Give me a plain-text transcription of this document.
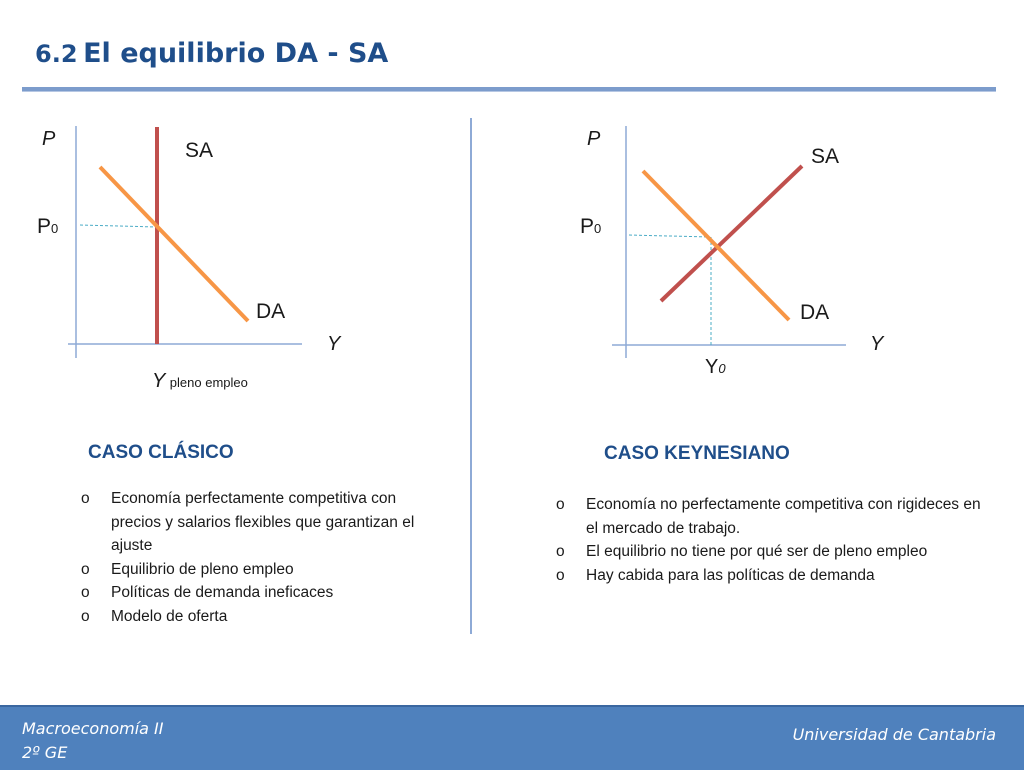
6.2 El equilibrio DA - SA
P	SA
P0
DA
Y
Y pleno empleo
P
SA
P0
DA
Y
Y0
CASO CLÁSICO	CASO KEYNESIANO
o Economía perfectamente competitiva con precios y salarios flexibles que garantizan el ajuste
o Equilibrio de pleno empleo
o Políticas de demanda ineficaces
o Modelo de oferta
o Economía no perfectamente competitiva con rigideces en el mercado de trabajo.
o El equilibrio no tiene por qué ser de pleno empleo
o Hay cabida para las políticas de demanda
Macroeconomía II
2º GE
Universidad de Cantabria
